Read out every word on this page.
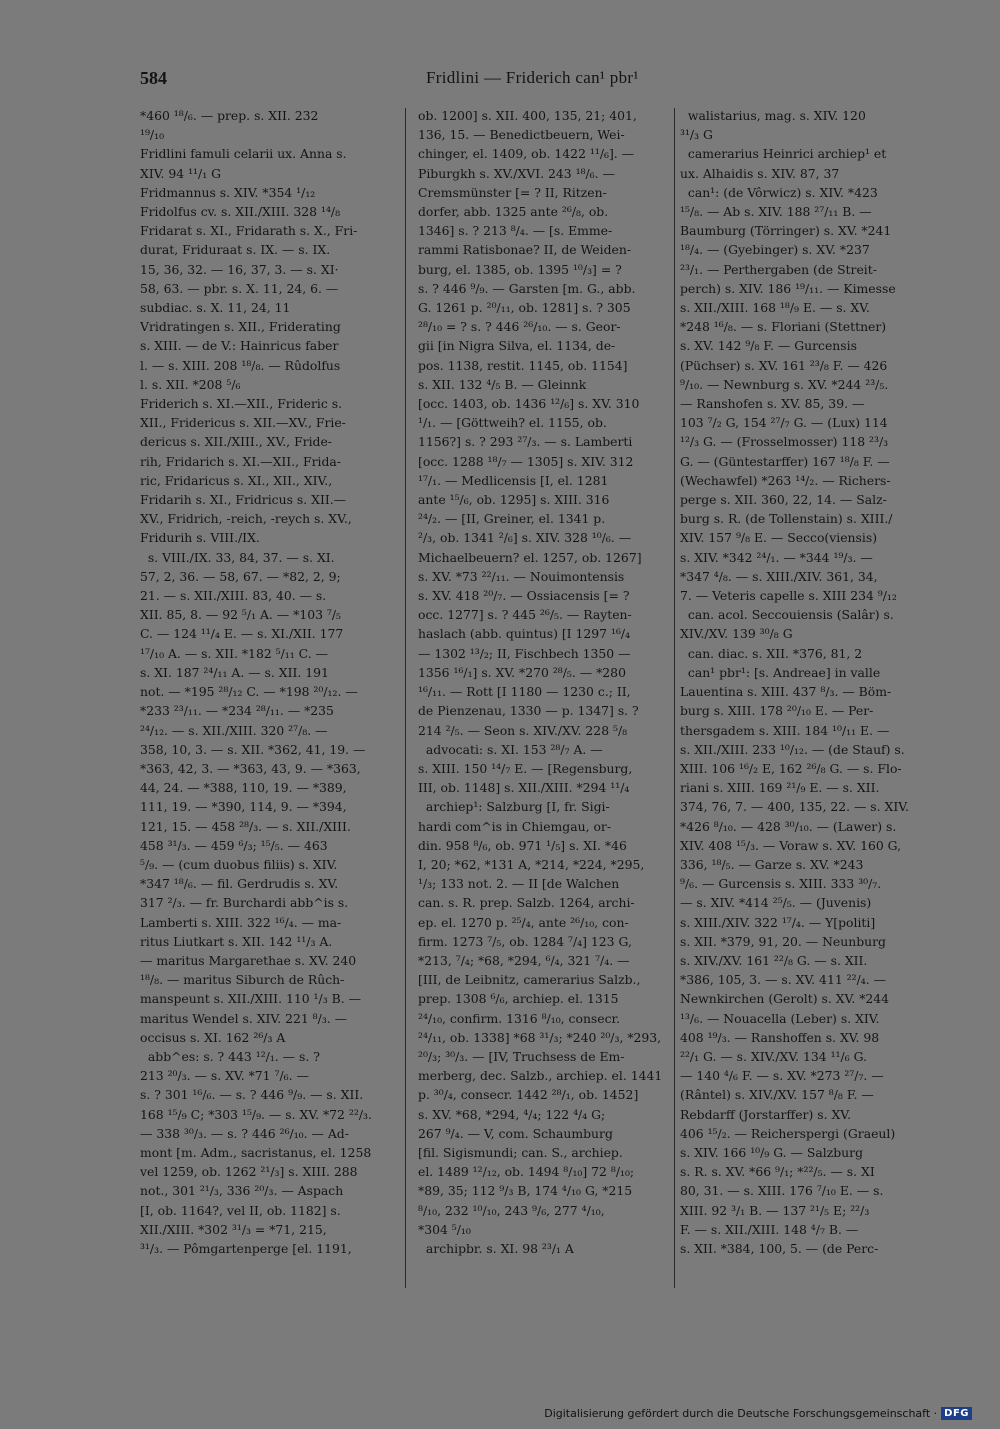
584	Fridlini — Friderich can¹ pbr¹
*460 ¹⁸/₆. — prep. s. XII. 232
¹⁹/₁₀
Fridlini famuli celarii ux. Anna s.
XIV. 94 ¹¹/₁ G
Fridmannus s. XIV. *354 ¹/₁₂
Fridolfus cv. s. XII./XIII. 328 ¹⁴/₈
Fridarat s. XI., Fridarath s. X., Fri-
durat, Friduraat s. IX. — s. IX.
15, 36, 32. — 16, 37, 3. — s. XI·
58, 63. — pbr. s. X. 11, 24, 6. —
subdiac. s. X. 11, 24, 11
Vridratingen s. XII., Friderating
s. XIII. — de V.: Hainricus faber
l. — s. XIII. 208 ¹⁸/₈. — Rûdolfus
l. s. XII. *208 ⁵/₆
Friderich s. XI.—XII., Frideric s.
XII., Fridericus s. XII.—XV., Frie-
dericus s. XII./XIII., XV., Fride-
rih, Fridarich s. XI.—XII., Frida-
ric, Fridaricus s. XI., XII., XIV.,
Fridarih s. XI., Fridricus s. XII.—
XV., Fridrich, -reich, -reych s. XV.,
Fridurih s. VIII./IX.
s. VIII./IX. 33, 84, 37. — s. XI.
57, 2, 36. — 58, 67. — *82, 2, 9;
21. — s. XII./XIII. 83, 40. — s.
XII. 85, 8. — 92 ⁵/₁ A. — *103 ⁷/₅
C. — 124 ¹¹/₄ E. — s. XI./XII. 177
¹⁷/₁₀ A. — s. XII. *182 ⁵/₁₁ C. —
s. XI. 187 ²⁴/₁₁ A. — s. XII. 191
not. — *195 ²⁸/₁₂ C. — *198 ²⁰/₁₂. —
*233 ²³/₁₁. — *234 ²⁸/₁₁. — *235
²⁴/₁₂. — s. XII./XIII. 320 ²⁷/₈. —
358, 10, 3. — s. XII. *362, 41, 19. —
*363, 42, 3. — *363, 43, 9. — *363,
44, 24. — *388, 110, 19. — *389,
111, 19. — *390, 114, 9. — *394,
121, 15. — 458 ²⁸/₃. — s. XII./XIII.
458 ³¹/₃. — 459 ⁶/₃; ¹⁵/₅. — 463
⁵/₉. — (cum duobus filiis) s. XIV.
*347 ¹⁸/₆. — fil. Gerdrudis s. XV.
317 ²/₃. — fr. Burchardi abb^is s.
Lamberti s. XIII. 322 ¹⁶/₄. — ma-
ritus Liutkart s. XII. 142 ¹¹/₃ A.
— maritus Margarethae s. XV. 240
¹⁸/₈. — maritus Siburch de Rûch-
manspeunt s. XII./XIII. 110 ¹/₃ B. —
maritus Wendel s. XIV. 221 ⁸/₃. —
occisus s. XI. 162 ²⁶/₃ A
abb^es: s. ? 443 ¹²/₁. — s. ?
213 ²⁰/₃. — s. XV. *71 ⁷/₆. —
s. ? 301 ¹⁶/₆. — s. ? 446 ⁹/₉. — s. XII.
168 ¹⁵/₉ C; *303 ¹⁵/₉. — s. XV. *72 ²²/₃.
— 338 ³⁰/₃. — s. ? 446 ²⁶/₁₀. — Ad-
mont [m. Adm., sacristanus, el. 1258
vel 1259, ob. 1262 ²¹/₃] s. XIII. 288
not., 301 ²¹/₃, 336 ²⁰/₃. — Aspach
[I, ob. 1164?, vel II, ob. 1182] s.
XII./XIII. *302 ³¹/₃ = *71, 215,
³¹/₃. — Pômgartenperge [el. 1191,
ob. 1200] s. XII. 400, 135, 21; 401,
136, 15. — Benedictbeuern, Wei-
chinger, el. 1409, ob. 1422 ¹¹/₆]. —
Piburgkh s. XV./XVI. 243 ¹⁸/₆. —
Cremsmünster [= ? II, Ritzen-
dorfer, abb. 1325 ante ²⁶/₈, ob.
1346] s. ? 213 ⁸/₄. — [s. Emme-
rammi Ratisbonae? II, de Weiden-
burg, el. 1385, ob. 1395 ¹⁰/₃] = ?
s. ? 446 ⁹/₉. — Garsten [m. G., abb.
G. 1261 p. ²⁰/₁₁, ob. 1281] s. ? 305
²⁸/₁₀ = ? s. ? 446 ²⁶/₁₀. — s. Geor-
gii [in Nigra Silva, el. 1134, de-
pos. 1138, restit. 1145, ob. 1154]
s. XII. 132 ⁴/₅ B. — Gleinnk
[occ. 1403, ob. 1436 ¹²/₆] s. XV. 310
¹/₁. — [Göttweih? el. 1155, ob.
1156?] s. ? 293 ²⁷/₃. — s. Lamberti
[occ. 1288 ¹⁸/₇ — 1305] s. XIV. 312
¹⁷/₁. — Medlicensis [I, el. 1281
ante ¹⁵/₆, ob. 1295] s. XIII. 316
²⁴/₂. — [II, Greiner, el. 1341 p.
²/₃, ob. 1341 ²/₆] s. XIV. 328 ¹⁰/₆. —
Michaelbeuern? el. 1257, ob. 1267]
s. XV. *73 ²²/₁₁. — Nouimontensis
s. XV. 418 ²⁰/₇. — Ossiacensis [= ?
occ. 1277] s. ? 445 ²⁶/₅. — Rayten-
haslach (abb. quintus) [I 1297 ¹⁶/₄
— 1302 ¹³/₂; II, Fischbech 1350 —
1356 ¹⁶/₁] s. XV. *270 ²⁸/₅. — *280
¹⁶/₁₁. — Rott [I 1180 — 1230 c.; II,
de Pienzenau, 1330 — p. 1347] s. ?
214 ²/₅. — Seon s. XIV./XV. 228 ⁵/₈
advocati: s. XI. 153 ²⁸/₇ A. —
s. XIII. 150 ¹⁴/₇ E. — [Regensburg,
III, ob. 1148] s. XII./XIII. *294 ¹¹/₄
archiep¹: Salzburg [I, fr. Sigi-
hardi com^is in Chiemgau, or-
din. 958 ⁸/₆, ob. 971 ¹/₅] s. XI. *46
I, 20; *62, *131 A, *214, *224, *295,
¹/₃; 133 not. 2. — II [de Walchen
can. s. R. prep. Salzb. 1264, archi-
ep. el. 1270 p. ²⁵/₄, ante ²⁶/₁₀, con-
firm. 1273 ⁷/₅, ob. 1284 ⁷/₄] 123 G,
*213, ⁷/₄; *68, *294, ⁶/₄, 321 ⁷/₄. —
[III, de Leibnitz, camerarius Salzb.,
prep. 1308 ⁶/₆, archiep. el. 1315
²⁴/₁₀, confirm. 1316 ⁸/₁₀, consecr.
²⁴/₁₁, ob. 1338] *68 ³¹/₃; *240 ²⁰/₃, *293,
²⁰/₃; ³⁰/₃. — [IV, Truchsess de Em-
merberg, dec. Salzb., archiep. el. 1441
p. ³⁰/₄, consecr. 1442 ²⁸/₁, ob. 1452]
s. XV. *68, *294, ⁴/₄; 122 ⁴/₄ G;
267 ⁹/₄. — V, com. Schaumburg
[fil. Sigismundi; can. S., archiep.
el. 1489 ¹²/₁₂, ob. 1494 ⁸/₁₀] 72 ⁸/₁₀;
*89, 35; 112 ⁹/₃ B, 174 ⁴/₁₀ G, *215
⁸/₁₀, 232 ¹⁰/₁₀, 243 ⁹/₆, 277 ⁴/₁₀,
*304 ⁵/₁₀
archipbr. s. XI. 98 ²³/₁ A
walistarius, mag. s. XIV. 120
³¹/₃ G
camerarius Heinrici archiep¹ et
ux. Alhaidis s. XIV. 87, 37
can¹: (de Vôrwicz) s. XIV. *423
¹⁵/₈. — Ab s. XIV. 188 ²⁷/₁₁ B. —
Baumburg (Törringer) s. XV. *241
¹⁸/₄. — (Gyebinger) s. XV. *237
²³/₁. — Perthergaben (de Streit-
perch) s. XIV. 186 ¹⁹/₁₁. — Kimesse
s. XII./XIII. 168 ¹⁸/₉ E. — s. XV.
*248 ¹⁶/₈. — s. Floriani (Stettner)
s. XV. 142 ⁹/₈ F. — Gurcensis
(Püchser) s. XV. 161 ²³/₈ F. — 426
⁹/₁₀. — Newnburg s. XV. *244 ²³/₅.
— Ranshofen s. XV. 85, 39. —
103 ⁷/₂ G, 154 ²⁷/₇ G. — (Lux) 114
¹²/₃ G. — (Frosselmosser) 118 ²³/₃
G. — (Güntestarffer) 167 ¹⁸/₈ F. —
(Wechawfel) *263 ¹⁴/₂. — Richers-
perge s. XII. 360, 22, 14. — Salz-
burg s. R. (de Tollenstain) s. XIII./
XIV. 157 ⁹/₈ E. — Secco(viensis)
s. XIV. *342 ²⁴/₁. — *344 ¹⁹/₃. —
*347 ⁴/₈. — s. XIII./XIV. 361, 34,
7. — Veteris capelle s. XIII 234 ⁹/₁₂
can. acol. Seccouiensis (Salâr) s.
XIV./XV. 139 ³⁰/₈ G
can. diac. s. XII. *376, 81, 2
can¹ pbr¹: [s. Andreae] in valle
Lauentina s. XIII. 437 ⁸/₃. — Böm-
burg s. XIII. 178 ²⁰/₁₀ E. — Per-
thersgadem s. XIII. 184 ¹⁰/₁₁ E. —
s. XII./XIII. 233 ¹⁰/₁₂. — (de Stauf) s.
XIII. 106 ¹⁶/₂ E, 162 ²⁶/₈ G. — s. Flo-
riani s. XIII. 169 ²¹/₉ E. — s. XII.
374, 76, 7. — 400, 135, 22. — s. XIV.
*426 ⁸/₁₀. — 428 ³⁰/₁₀. — (Lawer) s.
XIV. 408 ¹⁵/₃. — Voraw s. XV. 160 G,
336, ¹⁸/₅. — Garze s. XV. *243
⁹/₆. — Gurcensis s. XIII. 333 ³⁰/₇.
— s. XIV. *414 ²⁵/₅. — (Juvenis)
s. XIII./XIV. 322 ¹⁷/₄. — Y[politi]
s. XII. *379, 91, 20. — Neunburg
s. XIV./XV. 161 ²²/₈ G. — s. XII.
*386, 105, 3. — s. XV. 411 ²²/₄. —
Newnkirchen (Gerolt) s. XV. *244
¹³/₆. — Nouacella (Leber) s. XIV.
408 ¹⁹/₃. — Ranshoffen s. XV. 98
²²/₁ G. — s. XIV./XV. 134 ¹¹/₆ G.
— 140 ⁴/₆ F. — s. XV. *273 ²⁷/₇. —
(Rântel) s. XIV./XV. 157 ⁸/₈ F. —
Rebdarff (Jorstarffer) s. XV.
406 ¹⁵/₂. — Reicherspergi (Graeul)
s. XIV. 166 ¹⁰/₉ G. — Salzburg
s. R. s. XV. *66 ⁹/₁; *²²/₅. — s. XI
80, 31. — s. XIII. 176 ⁷/₁₀ E. — s.
XIII. 92 ³/₁ B. — 137 ²¹/₅ E; ²²/₃
F. — s. XII./XIII. 148 ⁴/₇ B. —
s. XII. *384, 100, 5. — (de Perc-
Digitalisierung gefördert durch die Deutsche Forschungsgemeinschaft · DFG
